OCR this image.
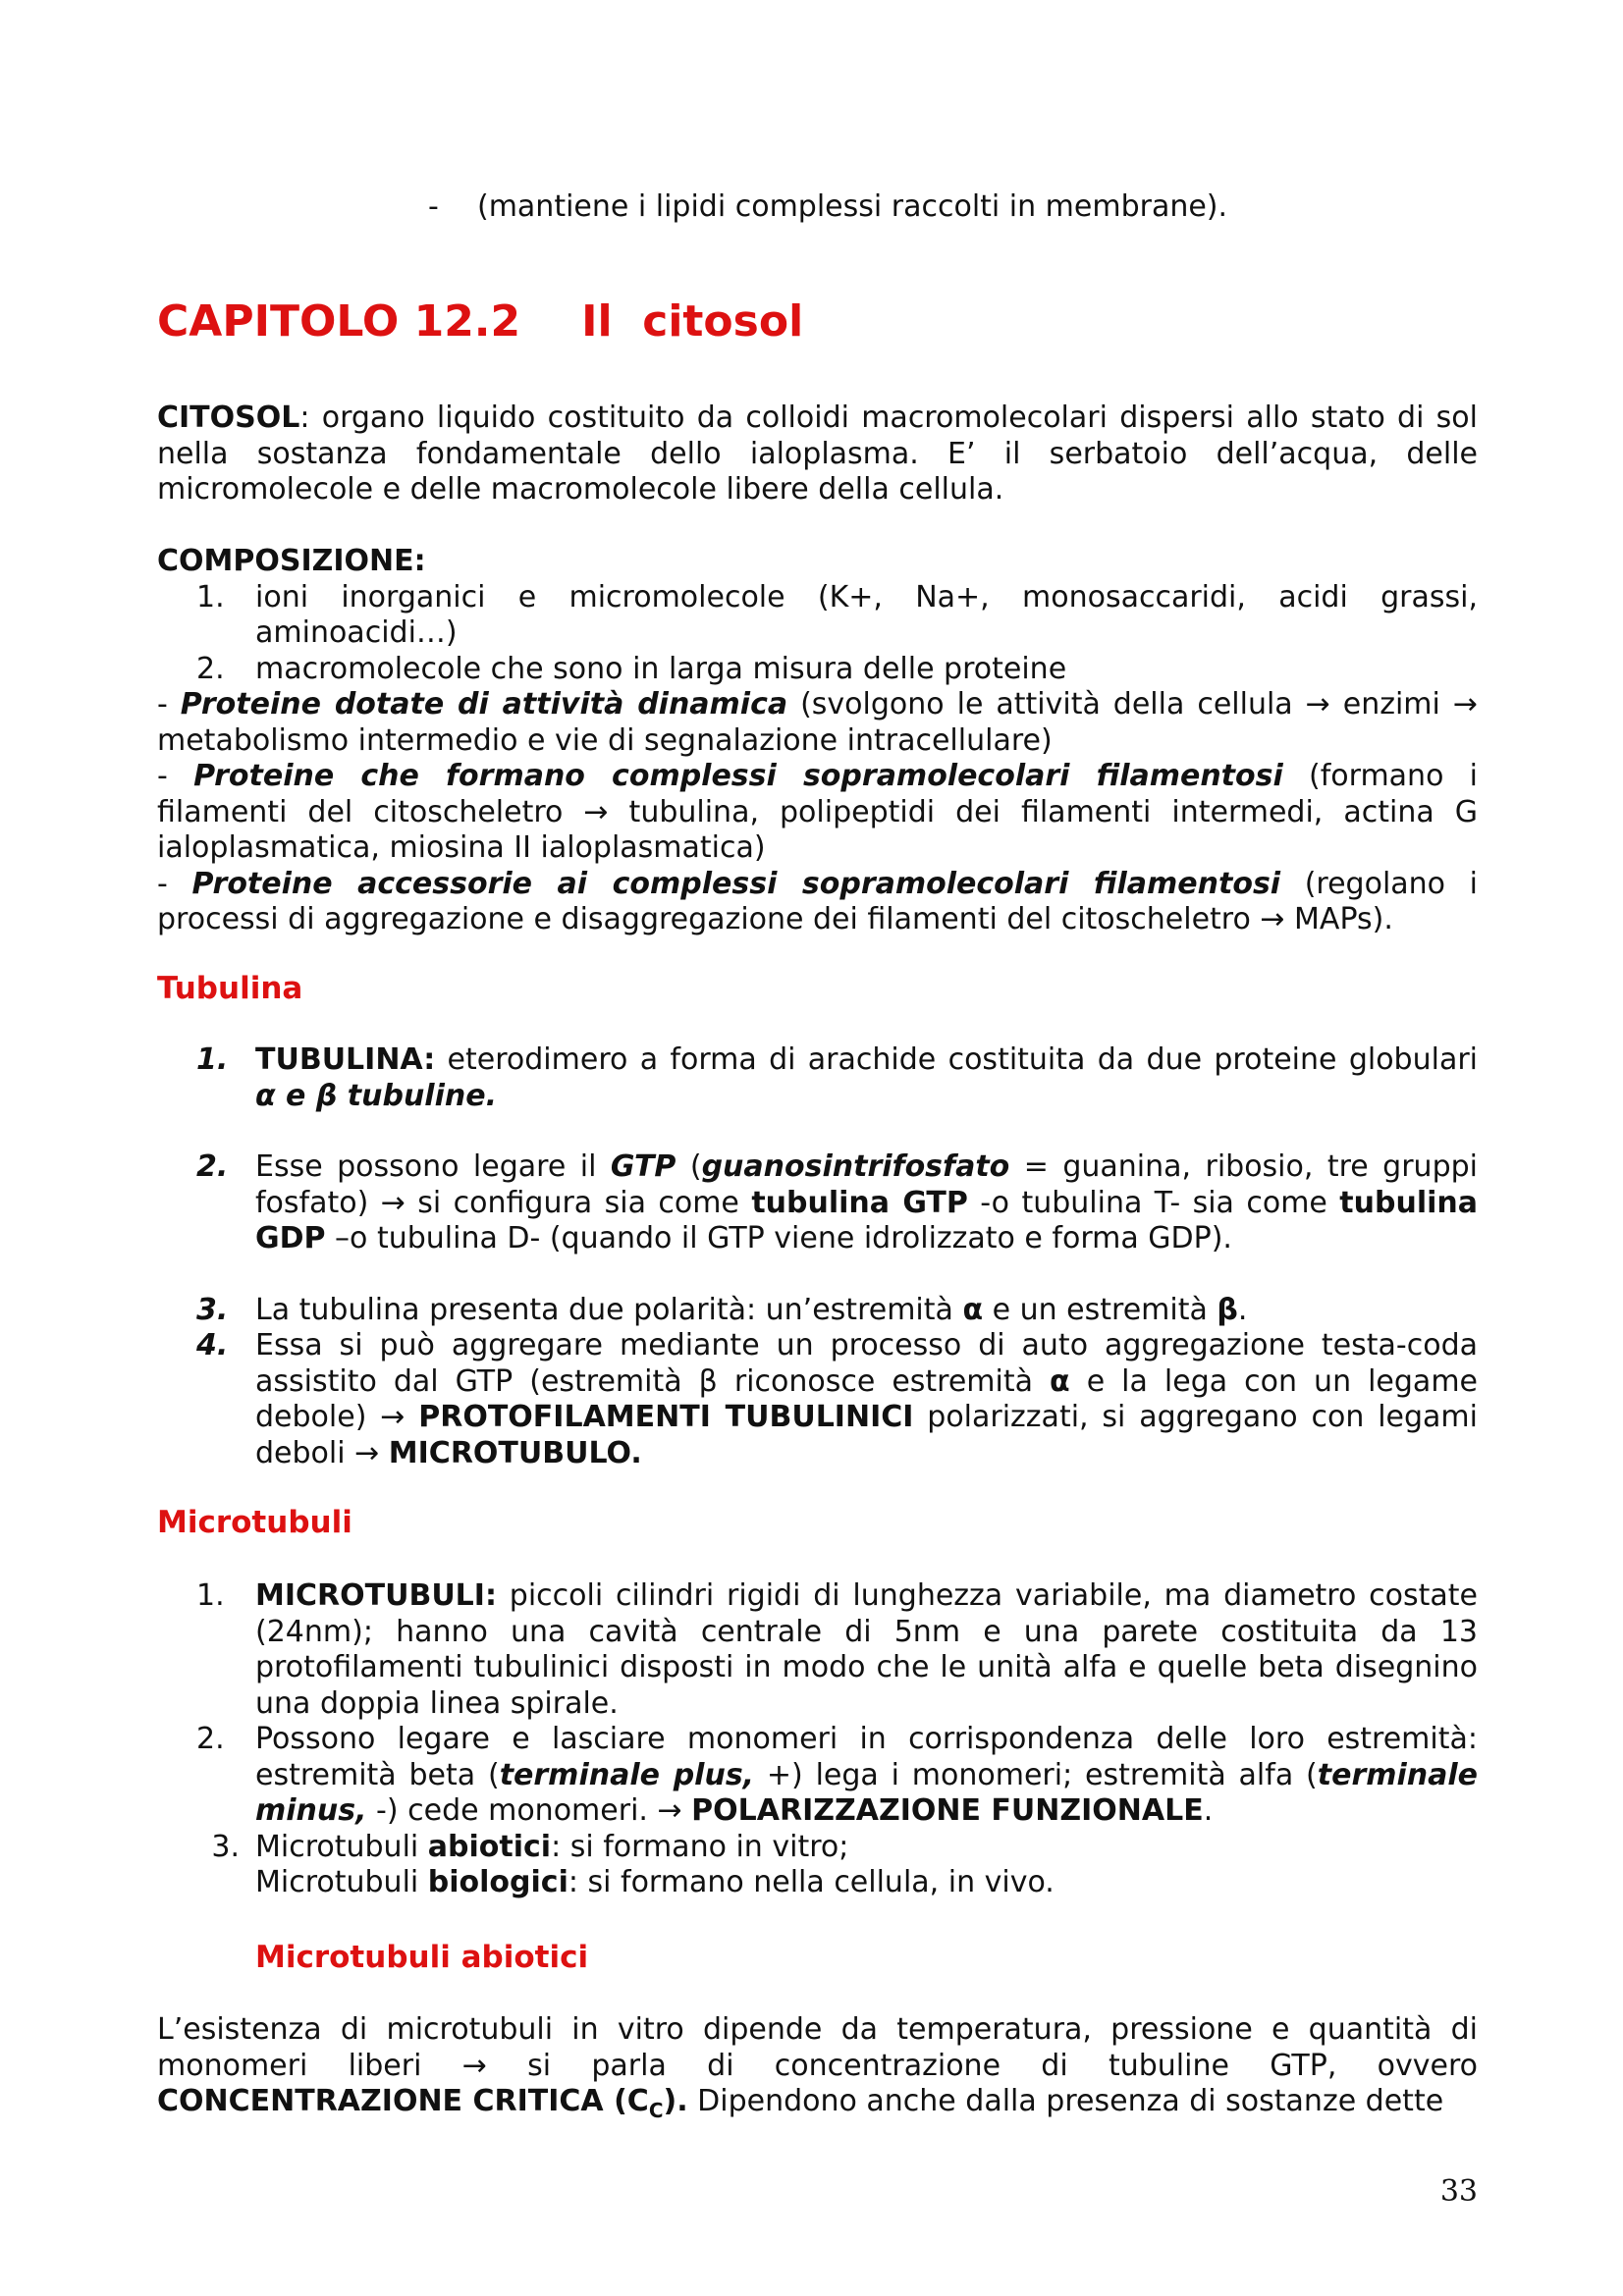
- (mantiene i lipidi complessi raccolti in membrane).
CAPITOLO 12.2 Il  citosol

CITOSOL: organo liquido costituito da colloidi macromolecolari dispersi allo stato di sol nella sostanza fondamentale dello ialoplasma. E’ il serbatoio dell’acqua, delle micromolecole e delle macromolecole libere della cellula.

COMPOSIZIONE:

1.	ioni inorganici e micromolecole (K+, Na+, monosaccaridi, acidi grassi, aminoacidi…)
2.	macromolecole che sono in larga misura delle proteine

- Proteine dotate di attività dinamica (svolgono le attività della cellula → enzimi → metabolismo intermedio e vie di segnalazione intracellulare)

- Proteine che formano complessi sopramolecolari filamentosi (formano i filamenti del citoscheletro → tubulina, polipeptidi dei filamenti intermedi, actina G ialoplasmatica, miosina II ialoplasmatica)

- Proteine accessorie ai complessi sopramolecolari filamentosi (regolano i processi di aggregazione e disaggregazione dei filamenti del citoscheletro → MAPs).

Tubulina
1. TUBULINA: eterodimero a forma di arachide costituita da due proteine globulari α e β tubuline.
2. Esse possono legare il GTP (guanosintrifosfato = guanina, ribosio, tre gruppi fosfato) → si configura sia come tubulina GTP -o tubulina T- sia come tubulina GDP –o tubulina D- (quando il GTP viene idrolizzato e forma GDP).
3. La tubulina presenta due polarità: un’estremità α e un estremità β.
4. Essa si può aggregare mediante un processo di auto aggregazione testa-coda assistito dal GTP (estremità β riconosce estremità α e la lega con un legame debole) → PROTOFILAMENTI TUBULINICI polarizzati, si aggregano con legami deboli → MICROTUBULO.
Microtubuli
1.	MICROTUBULI: piccoli cilindri rigidi di lunghezza variabile, ma diametro costate (24nm); hanno una cavità centrale di 5nm e una parete costituita da 13 protofilamenti tubulinici disposti in modo che le unità alfa e quelle beta disegnino una doppia linea spirale.
2.	Possono legare e lasciare monomeri in corrispondenza delle loro estremità: estremità beta (terminale plus, +) lega i monomeri; estremità alfa (terminale minus, -) cede monomeri. → POLARIZZAZIONE FUNZIONALE.
3. Microtubuli abiotici: si formano in vitro;
Microtubuli biologici: si formano nella cellula, in vivo.
Microtubuli abiotici

L’esistenza di microtubuli in vitro dipende da temperatura, pressione e quantità di monomeri liberi → si parla di concentrazione di tubuline GTP, ovvero CONCENTRAZIONE CRITICA $(C_C)$. Dipendono anche dalla presenza di sostanze dette

33
